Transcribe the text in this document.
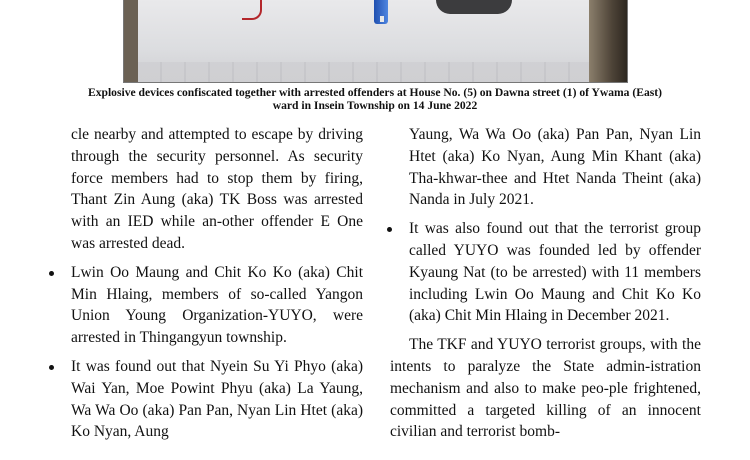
Explosive devices confiscated together with arrested offenders at House No. (5) on Dawna street (1) of Ywama (East)
ward in Insein Township on 14 June 2022

cle nearby and attempted to escape by driving through the security personnel. As security force members had to stop them by firing, Thant Zin Aung (aka) TK Boss was arrested with an IED while an-other offender E One was arrested dead.

Lwin Oo Maung and Chit Ko Ko (aka) Chit Min Hlaing, members of so-called Yangon Union Young Organization-YUYO, were arrested in Thingangyun township.

It was found out that Nyein Su Yi Phyo (aka) Wai Yan, Moe Powint Phyu (aka) La Yaung, Wa Wa Oo (aka) Pan Pan, Nyan Lin Htet (aka) Ko Nyan, Aung

Yaung, Wa Wa Oo (aka) Pan Pan, Nyan Lin Htet (aka) Ko Nyan, Aung Min Khant (aka) Tha-khwar-thee and Htet Nanda Theint (aka) Nanda in July 2021.

It was also found out that the terrorist group called YUYO was founded led by offender Kyaung Nat (to be arrested) with 11 members including Lwin Oo Maung and Chit Ko Ko (aka) Chit Min Hlaing in December 2021.

The TKF and YUYO terrorist groups, with the intents to paralyze the State admin-istration mechanism and also to make peo-ple frightened, committed a targeted killing of an innocent civilian and terrorist bomb-
